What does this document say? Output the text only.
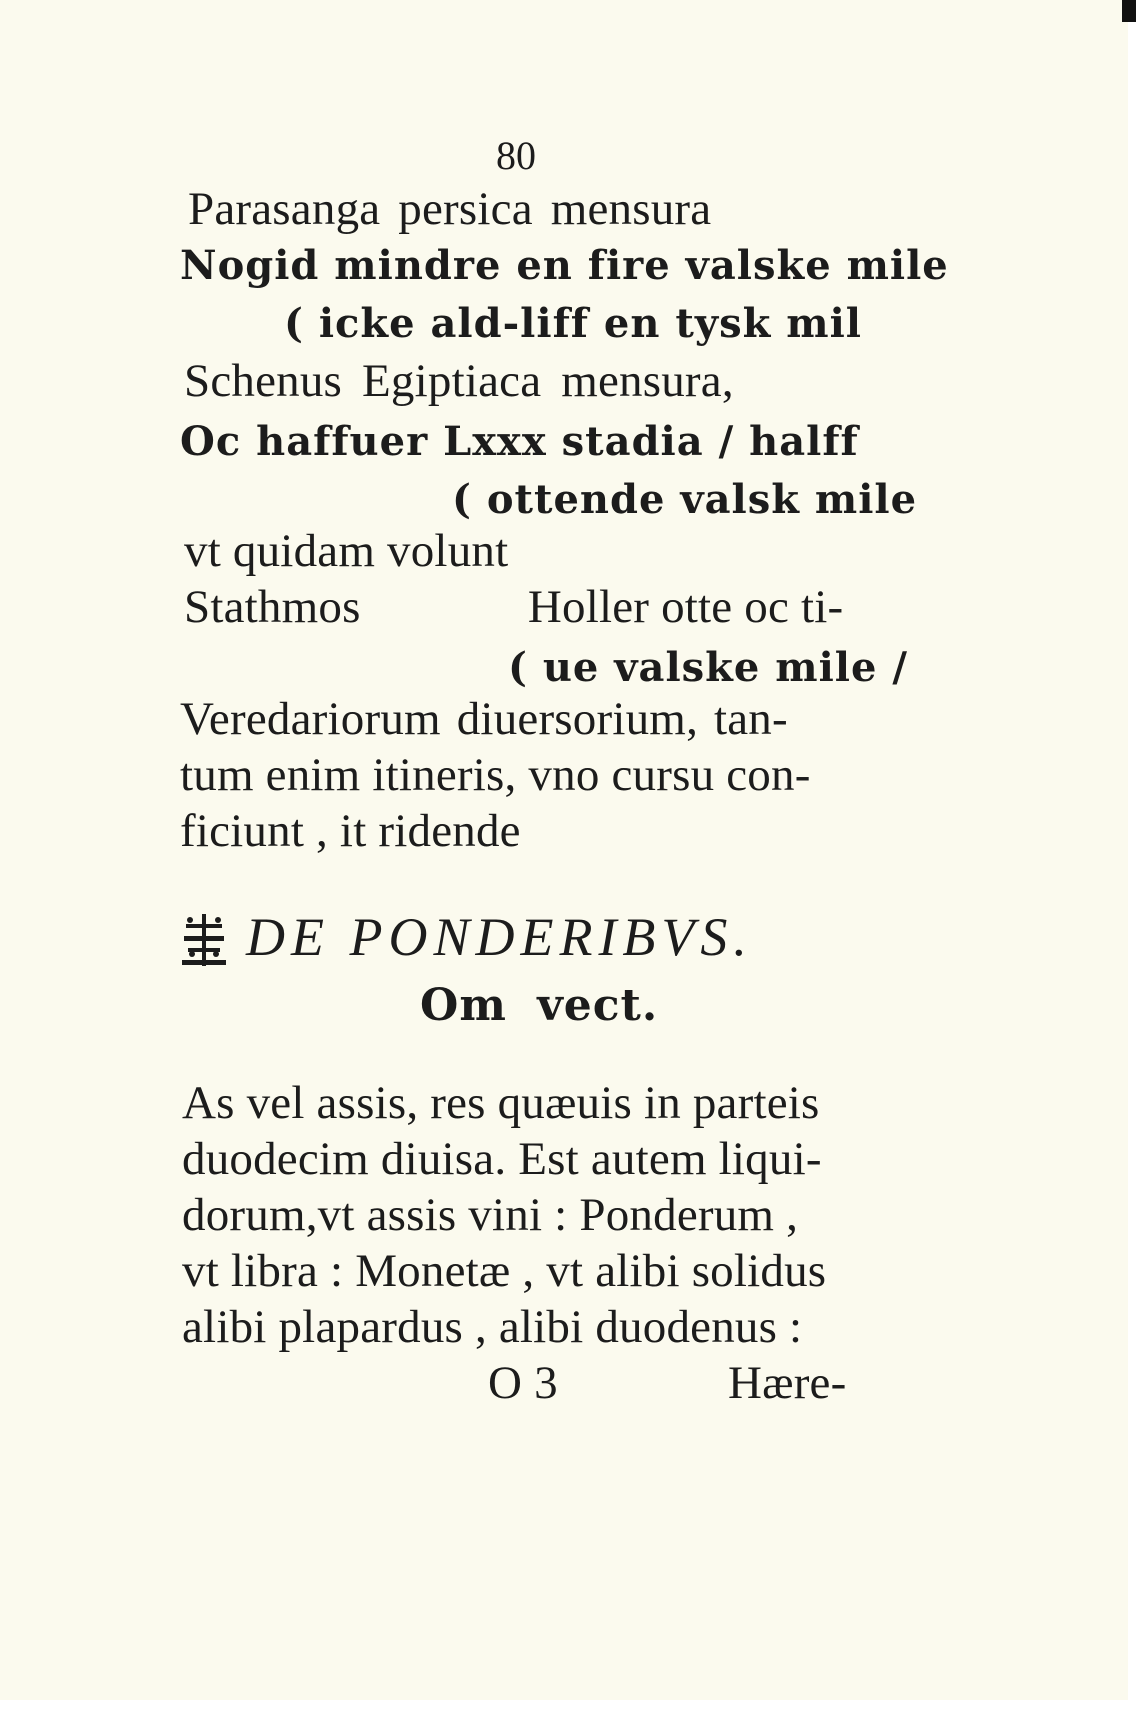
80
Parasanga persica mensura
Nogid mindre en fire valske mile
( icke ald-liff en tysk mil
Schenus Egiptiaca mensura,
Oc haffuer Lxxx stadia / halff
( ottende valsk mile
vt quidam volunt
Stathmos              Holler otte oc ti-
( ue valske mile /
Veredariorum diuersorium, tan-
tum enim itineris, vno cursu con-
ficiunt , it ridende
DE PONDERIBVS.
Om vect.
As vel assis, res quæuis in parteis
duodecim diuisa. Est autem liqui-
dorum,vt assis vini : Ponderum ,
vt libra : Monetæ , vt alibi solidus
alibi plapardus , alibi duodenus :
O 3	Hære-
